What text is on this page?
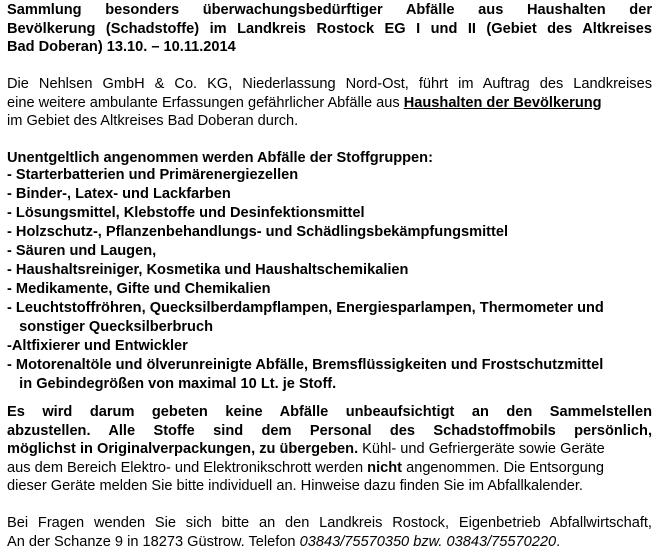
Sammlung besonders überwachungsbedürftiger Abfälle aus Haushalten der

Bevölkerung (Schadstoffe) im Landkreis Rostock EG I und II (Gebiet des Altkreises

Bad Doberan) 13.10. – 10.11.2014

Die Nehlsen GmbH & Co. KG, Niederlassung Nord-Ost, führt im Auftrag des Landkreises

eine weitere ambulante Erfassungen gefährlicher Abfälle aus Haushalten der Bevölkerung

im Gebiet des Altkreises Bad Doberan durch.

Unentgeltlich angenommen werden Abfälle der Stoffgruppen:

- Starterbatterien und Primärenergiezellen
- Binder-, Latex- und Lackfarben
- Lösungsmittel, Klebstoffe und Desinfektionsmittel
- Holzschutz-, Pflanzenbehandlungs- und Schädlingsbekämpfungsmittel
- Säuren und Laugen,
- Haushaltsreiniger, Kosmetika und Haushaltschemikalien
- Medikamente, Gifte und Chemikalien
- Leuchtstoffröhren, Quecksilberdampflampen, Energiesparlampen, Thermometer und
sonstiger Quecksilberbruch
-Altfixierer und Entwickler
- Motorenaltöle und ölverunreinigte Abfälle, Bremsflüssigkeiten und Frostschutzmittel
in Gebindegrößen von maximal 10 Lt. je Stoff.

Es wird darum gebeten keine Abfälle unbeaufsichtigt an den Sammelstellen

abzustellen. Alle Stoffe sind dem Personal des Schadstoffmobils persönlich,

möglichst in Originalverpackungen, zu übergeben. Kühl- und Gefriergeräte sowie Geräte

aus dem Bereich Elektro- und Elektronikschrott werden nicht angenommen. Die Entsorgung

dieser Geräte melden Sie bitte individuell an. Hinweise dazu finden Sie im Abfallkalender.

Bei Fragen wenden Sie sich bitte an den Landkreis Rostock, Eigenbetrieb Abfallwirtschaft,

An der Schanze 9 in 18273 Güstrow. Telefon 03843/75570350 bzw. 03843/75570220.
